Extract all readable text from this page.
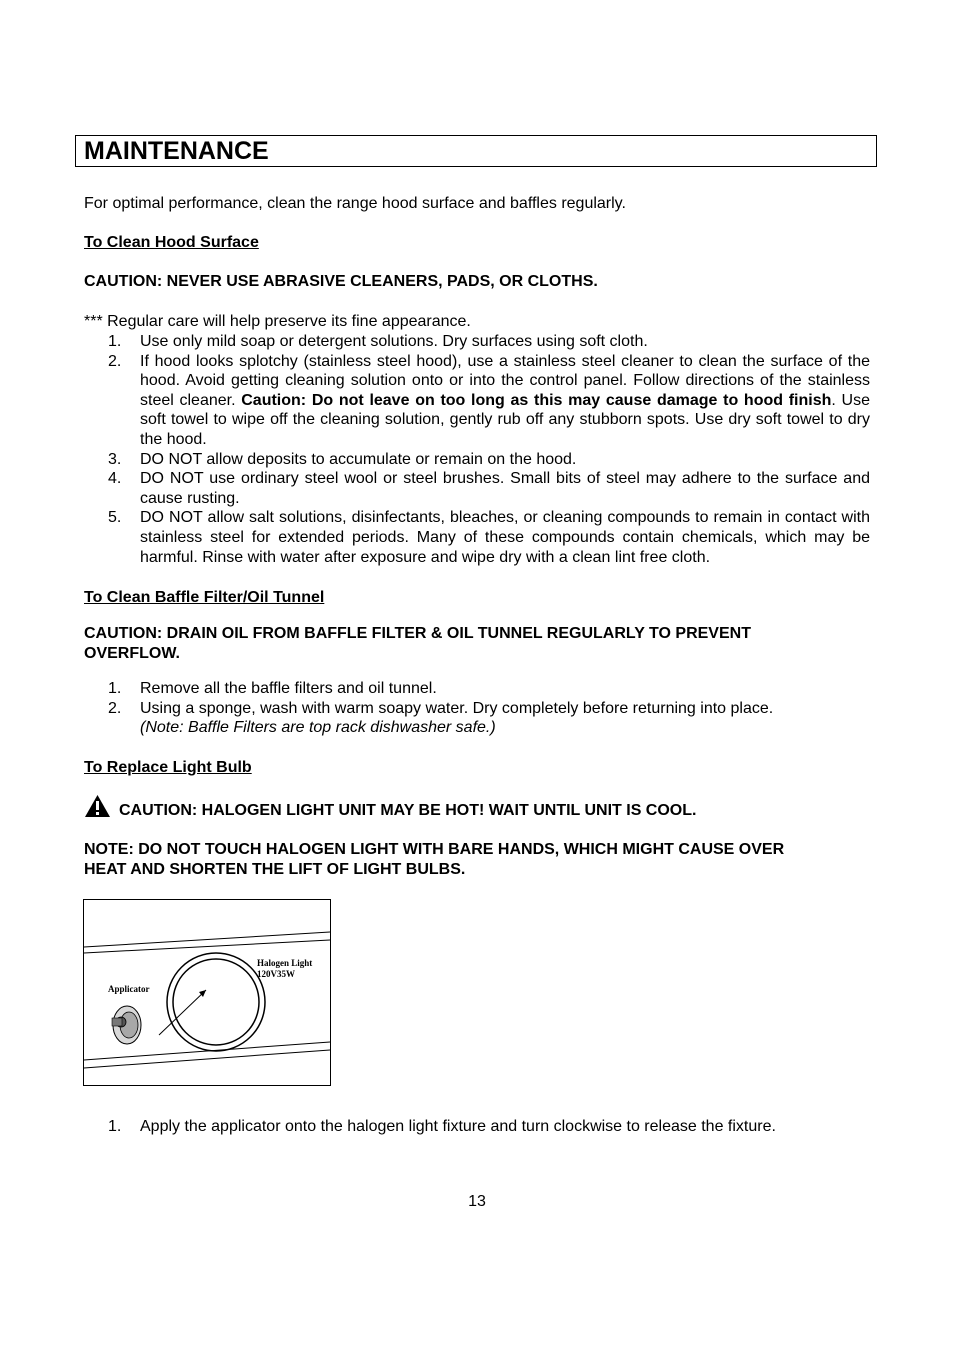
MAINTENANCE
For optimal performance, clean the range hood surface and baffles regularly.
To Clean Hood Surface
CAUTION: NEVER USE ABRASIVE CLEANERS, PADS, OR CLOTHS.
*** Regular care will help preserve its fine appearance.
1.	Use only mild soap or detergent solutions. Dry surfaces using soft cloth.
2.	If hood looks splotchy (stainless steel hood), use a stainless steel cleaner to clean the surface of the hood. Avoid getting cleaning solution onto or into the control panel. Follow directions of the stainless steel cleaner. Caution: Do not leave on too long as this may cause damage to hood finish. Use soft towel to wipe off the cleaning solution, gently rub off any stubborn spots. Use dry soft towel to dry the hood.
3.	DO NOT allow deposits to accumulate or remain on the hood.
4.	DO NOT use ordinary steel wool or steel brushes. Small bits of steel may adhere to the surface and cause rusting.
5.	DO NOT allow salt solutions, disinfectants, bleaches, or cleaning compounds to remain in contact with stainless steel for extended periods. Many of these compounds contain chemicals, which may be harmful. Rinse with water after exposure and wipe dry with a clean lint free cloth.
To Clean Baffle Filter/Oil Tunnel
CAUTION: DRAIN OIL FROM BAFFLE FILTER & OIL TUNNEL REGULARLY TO PREVENT
OVERFLOW.
1.	Remove all the baffle filters and oil tunnel.
2.	Using a sponge, wash with warm soapy water. Dry completely before returning into place.
(Note: Baffle Filters are top rack dishwasher safe.)
To Replace Light Bulb
CAUTION: HALOGEN LIGHT UNIT MAY BE HOT! WAIT UNTIL UNIT IS COOL.
NOTE: DO NOT TOUCH HALOGEN LIGHT WITH BARE HANDS, WHICH MIGHT CAUSE OVER
HEAT AND SHORTEN THE LIFT OF LIGHT BULBS.
Halogen Light
120V35W
Applicator
1.	Apply the applicator onto the halogen light fixture and turn clockwise to release the fixture.
13
